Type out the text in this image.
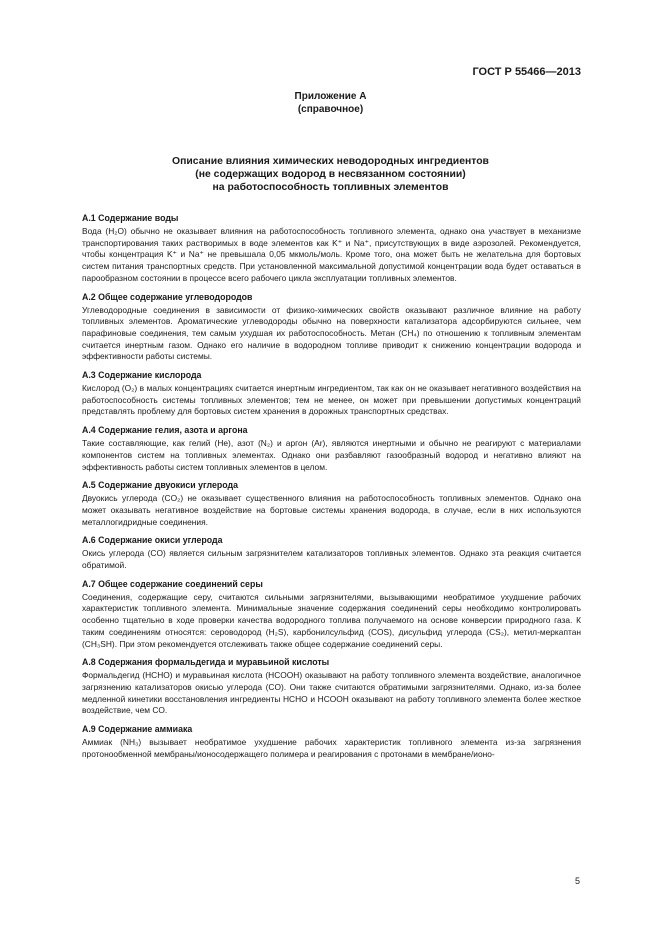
ГОСТ Р 55466—2013
Приложение А
(справочное)
Описание влияния химических неводородных ингредиентов
(не содержащих водород в несвязанном состоянии)
на работоспособность топливных элементов
А.1 Содержание воды

Вода (H₂O) обычно не оказывает влияния на работоспособность топливного элемента, однако она участвует в механизме транспортирования таких растворимых в воде элементов как K⁺ и Na⁺, присутствующих в виде аэрозолей. Рекомендуется, чтобы концентрация K⁺ и Na⁺ не превышала 0,05 мкмоль/моль. Кроме того, она может быть не желательна для бортовых систем питания транспортных средств. При установленной максимальной допустимой концентрации вода будет оставаться в парообразном состоянии в процессе всего рабочего цикла эксплуатации топливных элементов.

А.2 Общее содержание углеводородов

Углеводородные соединения в зависимости от физико-химических свойств оказывают различное влияние на работу топливных элементов. Ароматические углеводороды обычно на поверхности катализатора адсорбируются сильнее, чем парафиновые соединения, тем самым ухудшая их работоспособность. Метан (CH₄) по отношению к топливным элементам считается инертным газом. Однако его наличие в водородном топливе приводит к снижению концентрации водорода и эффективности работы системы.

А.3 Содержание кислорода

Кислород (O₂) в малых концентрациях считается инертным ингредиентом, так как он не оказывает негативного воздействия на работоспособность системы топливных элементов; тем не менее, он может при превышении допустимых концентраций представлять проблему для бортовых систем хранения в дорожных транспортных средствах.

А.4 Содержание гелия, азота и аргона

Такие составляющие, как гелий (He), азот (N₂) и аргон (Ar), являются инертными и обычно не реагируют с материалами компонентов систем на топливных элементах. Однако они разбавляют газообразный водород и негативно влияют на эффективность работы систем топливных элементов в целом.

А.5 Содержание двуокиси углерода

Двуокись углерода (CO₂) не оказывает существенного влияния на работоспособность топливных элементов. Однако она может оказывать негативное воздействие на бортовые системы хранения водорода, в случае, если в них используются металлогидридные соединения.

А.6 Содержание окиси углерода

Окись углерода (CO) является сильным загрязнителем катализаторов топливных элементов. Однако эта реакция считается обратимой.

А.7 Общее содержание соединений серы

Соединения, содержащие серу, считаются сильными загрязнителями, вызывающими необратимое ухудшение рабочих характеристик топливного элемента. Минимальные значение содержания соединений серы необходимо контролировать особенно тщательно в ходе проверки качества водородного топлива получаемого на основе конверсии природного газа. К таким соединениям относятся: сероводород (H₂S), карбонилсульфид (COS), дисульфид углерода (CS₂), метил-меркаптан (CH₃SH). При этом рекомендуется отслеживать также общее содержание соединений серы.

А.8 Содержания формальдегида и муравьиной кислоты

Формальдегид (HCHO) и муравьиная кислота (HCOOH) оказывают на работу топливного элемента воздействие, аналогичное загрязнению катализаторов окисью углерода (CO). Они также считаются обратимыми загрязнителями. Однако, из-за более медленной кинетики восстановления ингредиенты HCHO и HCOOH оказывают на работу топливного элемента более жесткое воздействие, чем CO.

А.9 Содержание аммиака

Аммиак (NH₃) вызывает необратимое ухудшение рабочих характеристик топливного элемента из-за загрязнения протонообменной мембраны/ионосодержащего полимера и реагирования с протонами в мембране/ионо-

5
